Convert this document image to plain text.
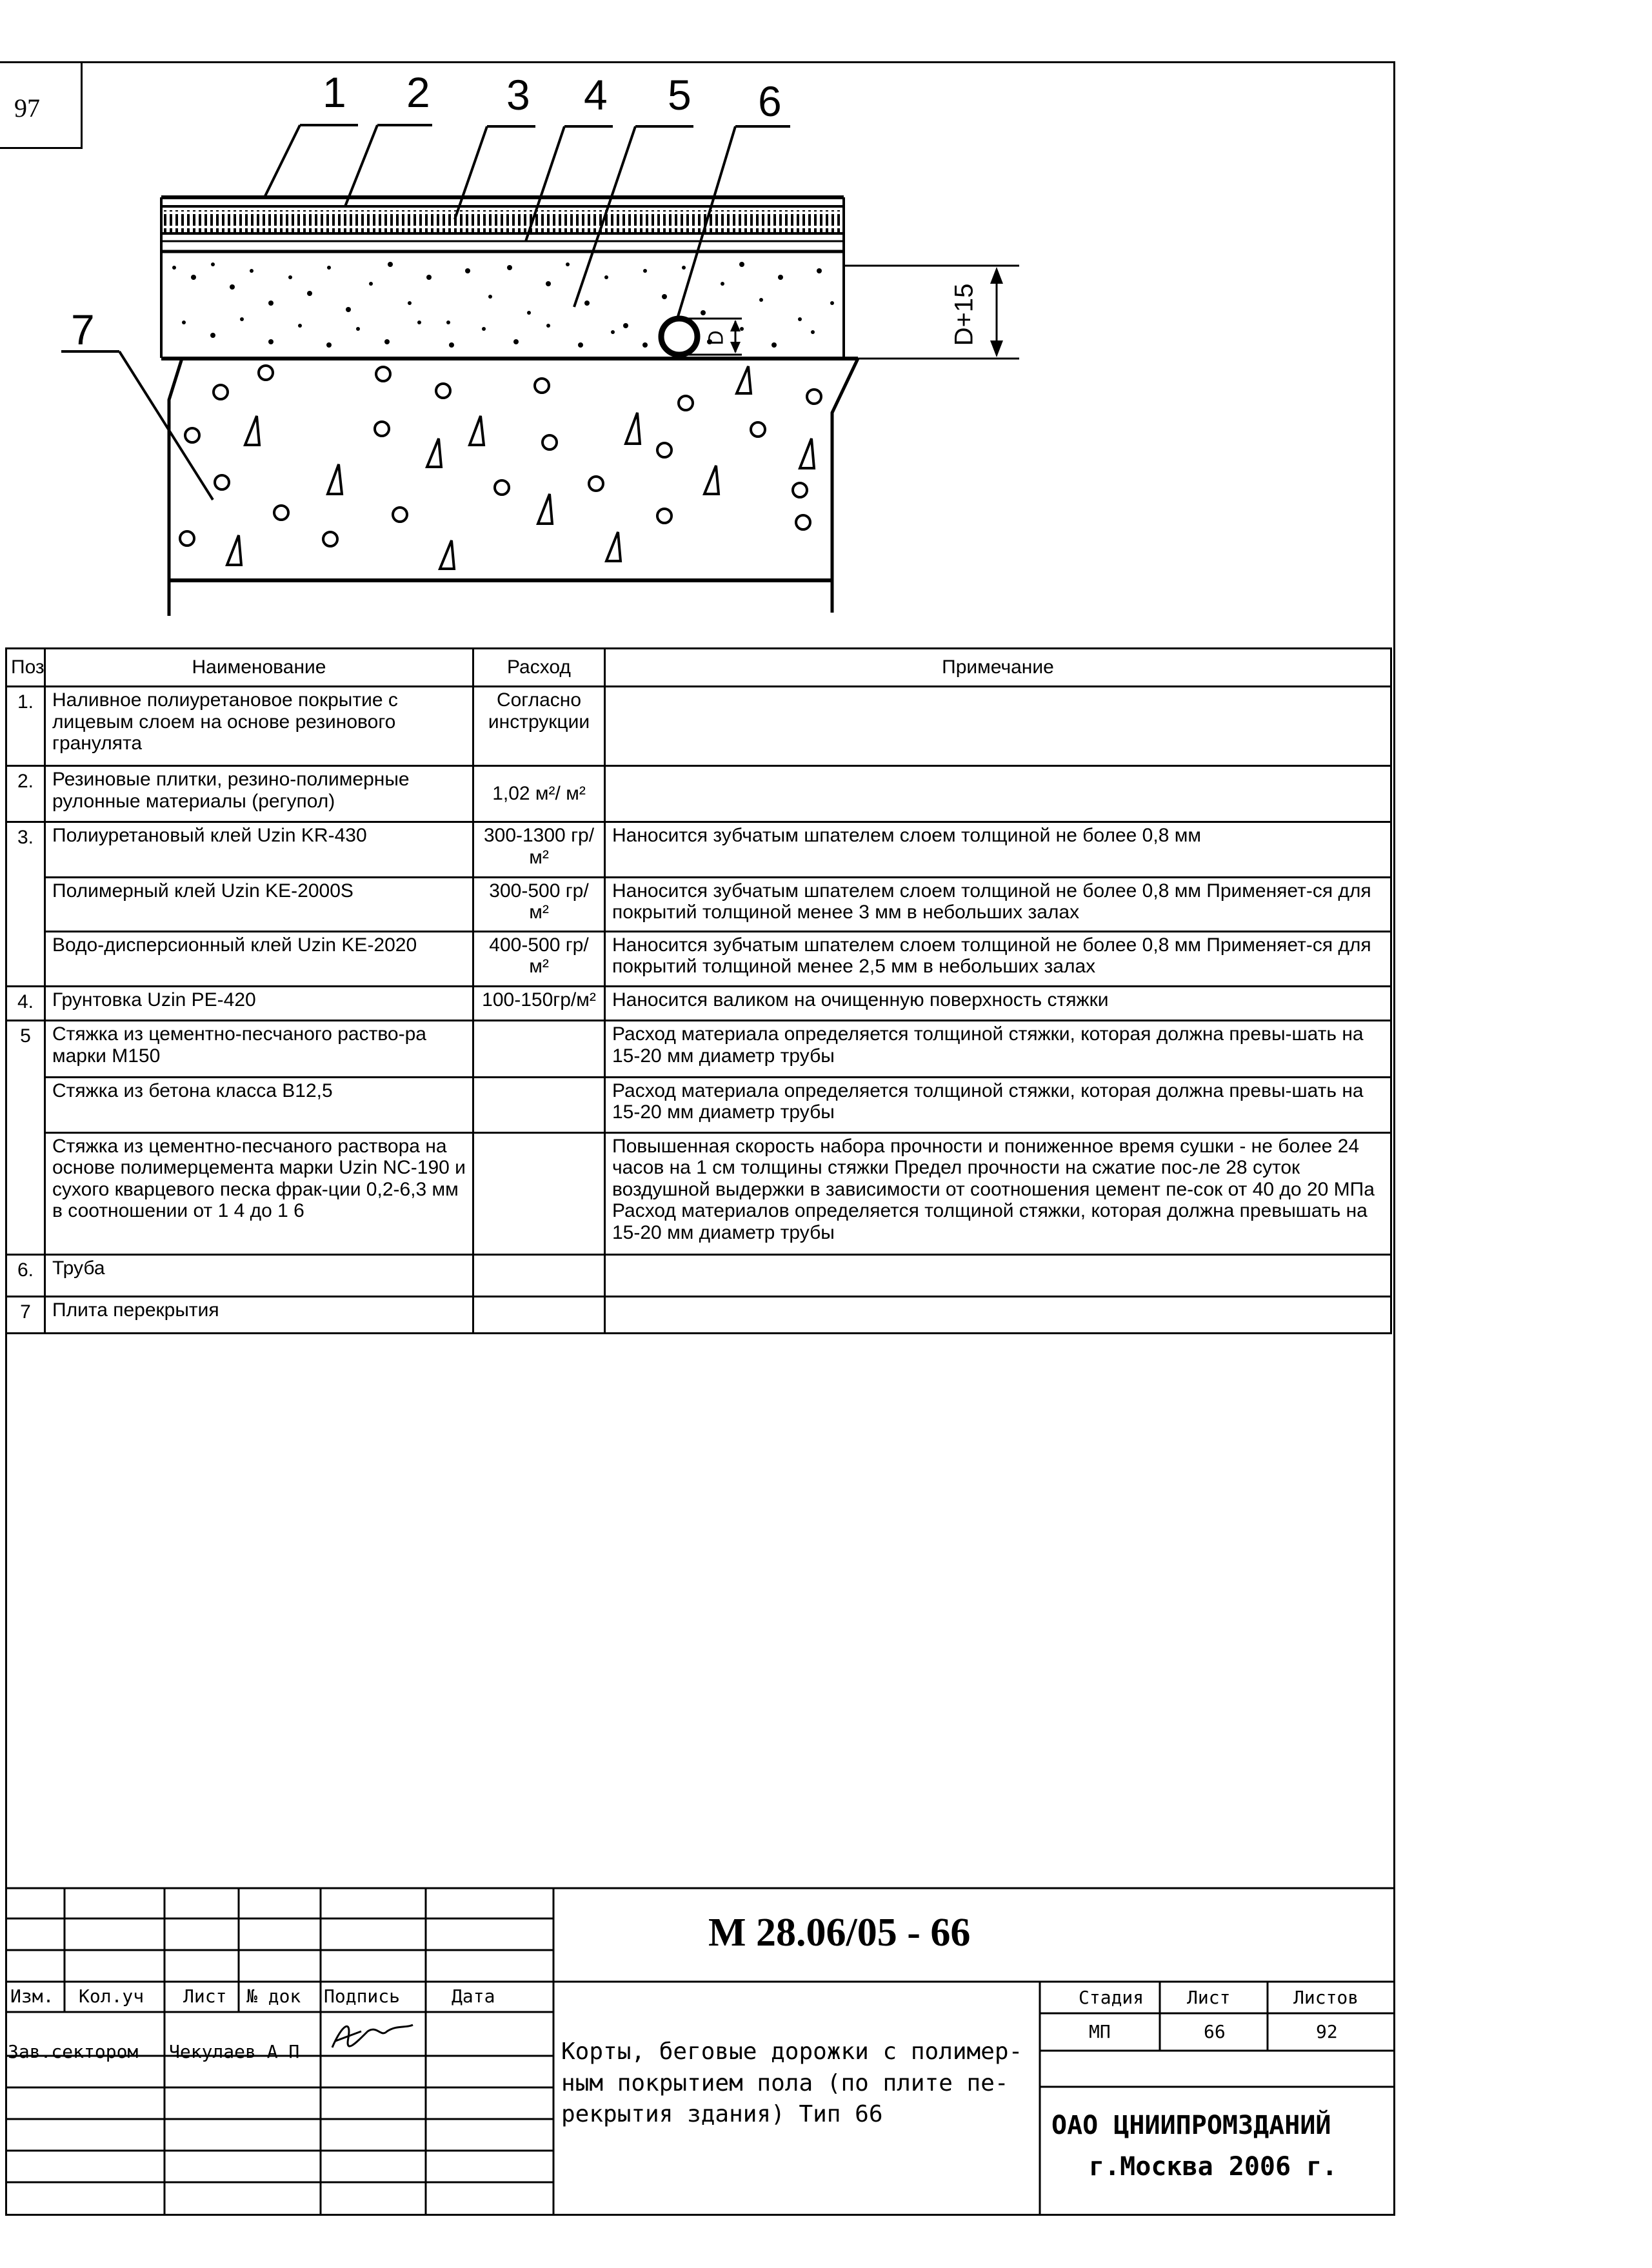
97	1 2 3 4 5 6
7	D+15
D
Поз	Наименование	Расход	Примечание
1.	Наливное полиуретановое покрытие с лицевым слоем на основе резинового гранулята	Согласно инструкции	
2.	Резиновые плитки, резино-полимерные рулонные материалы (регупол)	1,02 м²/ м²	
3.	Полиуретановый клей Uzin KR-430	300-1300 гр/м²	Наносится зубчатым шпателем слоем толщиной не более 0,8 мм
	Полимерный клей Uzin KE-2000S	300-500 гр/м²	Наносится зубчатым шпателем слоем толщиной не более 0,8 мм Применяет-ся для покрытий толщиной менее 3 мм в небольших залах
	Водо-дисперсионный клей Uzin KE-2020	400-500 гр/м²	Наносится зубчатым шпателем слоем толщиной не более 0,8 мм Применяет-ся для покрытий толщиной менее 2,5 мм в небольших залах
4.	Грунтовка Uzin PE-420	100-150гр/м²	Наносится валиком на очищенную поверхность стяжки
5	Стяжка из цементно-песчаного раство-ра марки М150		Расход материала определяется толщиной стяжки, которая должна превы-шать на 15-20 мм диаметр трубы
	Стяжка из бетона класса В12,5		Расход материала определяется толщиной стяжки, которая должна превы-шать на 15-20 мм диаметр трубы
	Стяжка из цементно-песчаного раствора на основе полимерцемента марки Uzin NC-190 и сухого кварцевого песка фрак-ции 0,2-6,3 мм в соотношении от 1 4 до 1 6		Повышенная скорость набора прочности и пониженное время сушки - не более 24 часов на 1 см толщины стяжки Предел прочности на сжатие пос-ле 28 суток воздушной выдержки в зависимости от соотношения цемент пе-сок от 40 до 20 МПа Расход материалов определяется толщиной стяжки, которая должна превышать на 15-20 мм диаметр трубы
6.	Труба		
7	Плита перекрытия		
М 28.06/05 - 66
Изм. Кол.уч Лист № док Подпись	Дата
Зав.сектором Чекулаев А П	Корты, беговые дорожки с полимер-ным покрытием пола (по плите пе-рекрытия здания) Тип 66
Стадия Лист	Листов
МП	66	92
ОАО ЦНИИПРОМЗДАНИЙ
г.Москва 2006 г.
